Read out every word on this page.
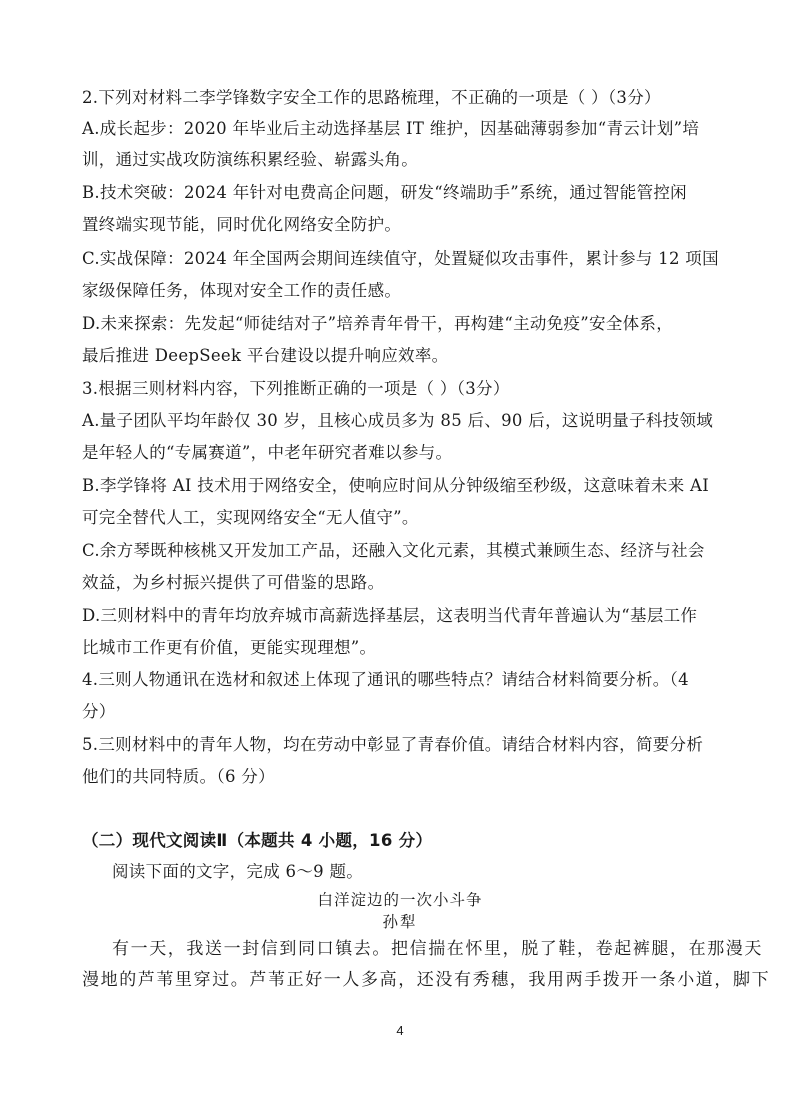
2.下列对材料二李学锋数字安全工作的思路梳理，不正确的一项是（ ）（3分）
A.成长起步：2020 年毕业后主动选择基层 IT 维护，因基础薄弱参加“青云计划”培
训，通过实战攻防演练积累经验、崭露头角。
B.技术突破：2024 年针对电费高企问题，研发“终端助手”系统，通过智能管控闲
置终端实现节能，同时优化网络安全防护。
C.实战保障：2024 年全国两会期间连续值守，处置疑似攻击事件，累计参与 12 项国
家级保障任务，体现对安全工作的责任感。
D.未来探索：先发起“师徒结对子”培养青年骨干，再构建“主动免疫”安全体系，
最后推进 DeepSeek 平台建设以提升响应效率。
3.根据三则材料内容，下列推断正确的一项是（ ）（3分）
A.量子团队平均年龄仅 30 岁，且核心成员多为 85 后、90 后，这说明量子科技领域
是年轻人的“专属赛道”，中老年研究者难以参与。
B.李学锋将 AI 技术用于网络安全，使响应时间从分钟级缩至秒级，这意味着未来 AI
可完全替代人工，实现网络安全“无人值守”。
C.余方琴既种核桃又开发加工产品，还融入文化元素，其模式兼顾生态、经济与社会
效益，为乡村振兴提供了可借鉴的思路。
D.三则材料中的青年均放弃城市高薪选择基层，这表明当代青年普遍认为“基层工作
比城市工作更有价值，更能实现理想”。
4.三则人物通讯在选材和叙述上体现了通讯的哪些特点？请结合材料简要分析。（4
分）
5.三则材料中的青年人物，均在劳动中彰显了青春价值。请结合材料内容，简要分析
他们的共同特质。（6 分）
（二）现代文阅读Ⅱ（本题共 4 小题，16 分）
阅读下面的文字，完成 6～9 题。
白洋淀边的一次小斗争
孙犁
有一天，我送一封信到同口镇去。把信揣在怀里，脱了鞋，卷起裤腿，在那漫天
漫地的芦苇里穿过。芦苇正好一人多高，还没有秀穗，我用两手拨开一条小道，脚下
4
